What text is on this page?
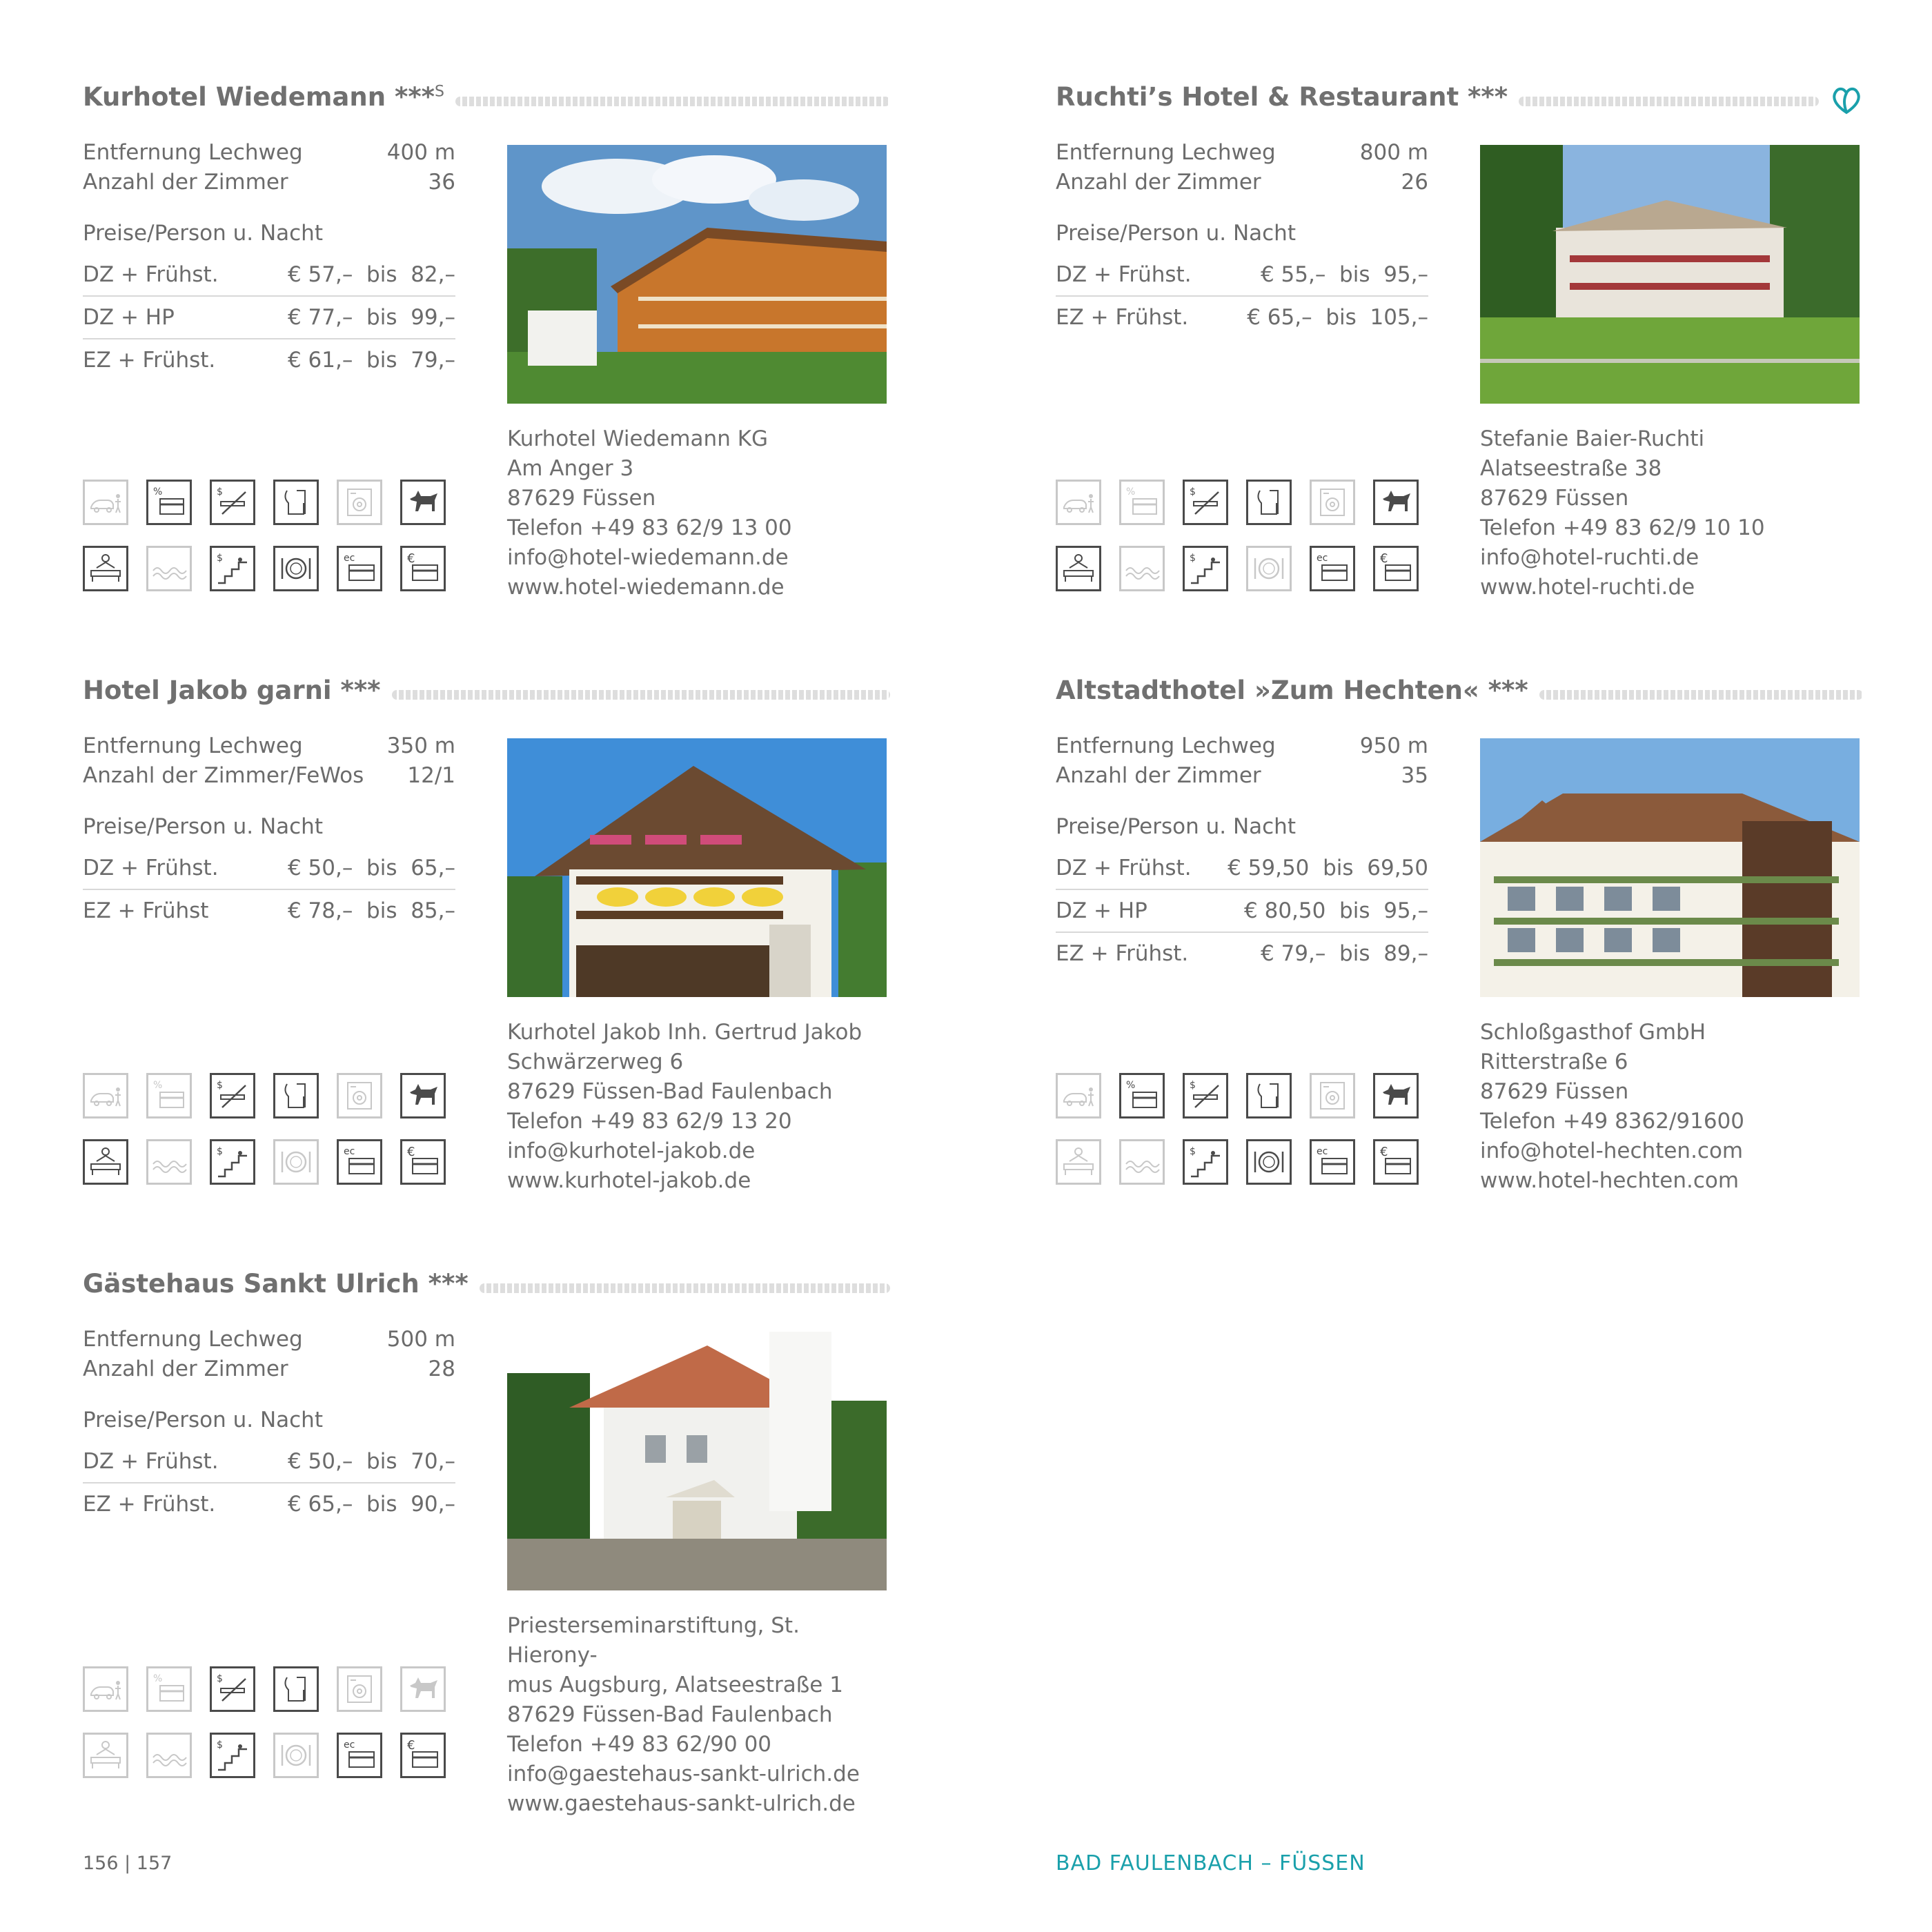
Kurhotel Wiedemann ***$^S$
Entfernung Lechweg	400 m
Anzahl der Zimmer	36
Preise/Person u. Nacht
DZ + Frühst.	€ 57,–  bis  82,–
DZ + HP	€ 77,–  bis  99,–
EZ + Frühst.	€ 61,–  bis  79,–
%	$
$	ec	€
Kurhotel Wiedemann KG
Am Anger 3
87629 Füssen
Telefon +49 83 62/9 13 00
info@hotel-wiedemann.de
www.hotel-wiedemann.de
Ruchti’s Hotel & Restaurant ***
Entfernung Lechweg	800 m
Anzahl der Zimmer	26
Preise/Person u. Nacht
DZ + Frühst.	€ 55,–  bis  95,–
EZ + Frühst.	€ 65,–  bis  105,–
%	$
$	ec	€
Stefanie Baier-Ruchti
Alatseestraße 38
87629 Füssen
Telefon +49 83 62/9 10 10
info@hotel-ruchti.de
www.hotel-ruchti.de
Hotel Jakob garni ***
Entfernung Lechweg	350 m
Anzahl der Zimmer/FeWos 12/1
Preise/Person u. Nacht
DZ + Frühst.	€ 50,–  bis  65,–
EZ + Frühst	€ 78,–  bis  85,–
%	$
$	ec	€
Kurhotel Jakob Inh. Gertrud Jakob
Schwärzerweg 6
87629 Füssen-Bad Faulenbach
Telefon +49 83 62/9 13 20
info@kurhotel-jakob.de
www.kurhotel-jakob.de
Altstadthotel »Zum Hechten« ***
Entfernung Lechweg	950 m
Anzahl der Zimmer	35
Preise/Person u. Nacht
DZ + Frühst. € 59,50  bis  69,50
DZ + HP	€ 80,50  bis  95,–
EZ + Frühst.	€ 79,–  bis  89,–
%	$
$	ec	€
Schloßgasthof GmbH
Ritterstraße 6
87629 Füssen
Telefon +49 8362/91600
info@hotel-hechten.com
www.hotel-hechten.com
Gästehaus Sankt Ulrich ***
Entfernung Lechweg	500 m
Anzahl der Zimmer	28
Preise/Person u. Nacht
DZ + Frühst.	€ 50,–  bis  70,–
EZ + Frühst.	€ 65,–  bis  90,–
%	$
$	ec	€
Priesterseminarstiftung, St. Hierony-
mus Augsburg, Alatseestraße 1
87629 Füssen-Bad Faulenbach
Telefon +49 83 62/90 00
info@gaestehaus-sankt-ulrich.de
www.gaestehaus-sankt-ulrich.de
156 | 157	BAD FAULENBACH – FÜSSEN
